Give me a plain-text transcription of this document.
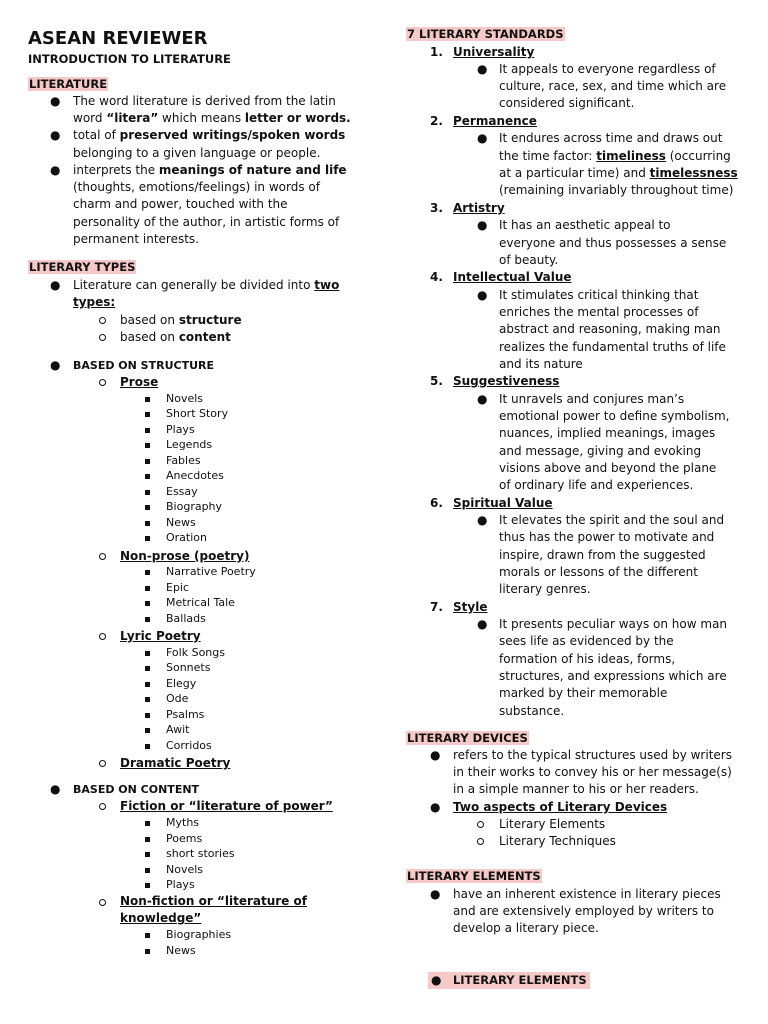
ASEAN REVIEWER
INTRODUCTION TO LITERATURE
LITERATURE
● The word literature is derived from the latin
word “litera” which means letter or words.
● total of preserved writings/spoken words
belonging to a given language or people.
● interprets the meanings of nature and life
(thoughts, emotions/feelings) in words of
charm and power, touched with the
personality of the author, in artistic forms of
permanent interests.
LITERARY TYPES
● Literature can generally be divided into two
types:
based on structure
based on content
● BASED ON STRUCTURE
Prose
Novels
Short Story
Plays
Legends
Fables
Anecdotes
Essay
Biography
News
Oration
Non-prose (poetry)
Narrative Poetry
Epic
Metrical Tale
Ballads
Lyric Poetry
Folk Songs
Sonnets
Elegy
Ode
Psalms
Awit
Corridos
Dramatic Poetry
● BASED ON CONTENT
Fiction or “literature of power”
Myths
Poems
short stories
Novels
Plays
Non-fiction or “literature of
knowledge”
Biographies
News
7 LITERARY STANDARDS
1. Universality
● It appeals to everyone regardless of
culture, race, sex, and time which are
considered significant.
2. Permanence
● It endures across time and draws out
the time factor: timeliness (occurring
at a particular time) and timelessness
(remaining invariably throughout time)
3. Artistry
● It has an aesthetic appeal to
everyone and thus possesses a sense
of beauty.
4. Intellectual Value
● It stimulates critical thinking that
enriches the mental processes of
abstract and reasoning, making man
realizes the fundamental truths of life
and its nature
5. Suggestiveness
● It unravels and conjures man’s
emotional power to define symbolism,
nuances, implied meanings, images
and message, giving and evoking
visions above and beyond the plane
of ordinary life and experiences.
6. Spiritual Value
● It elevates the spirit and the soul and
thus has the power to motivate and
inspire, drawn from the suggested
morals or lessons of the different
literary genres.
7. Style
● It presents peculiar ways on how man
sees life as evidenced by the
formation of his ideas, forms,
structures, and expressions which are
marked by their memorable
substance.
LITERARY DEVICES
● refers to the typical structures used by writers
in their works to convey his or her message(s)
in a simple manner to his or her readers.
● Two aspects of Literary Devices
Literary Elements
Literary Techniques
LITERARY ELEMENTS
● have an inherent existence in literary pieces
and are extensively employed by writers to
develop a literary piece.
● LITERARY ELEMENTS
